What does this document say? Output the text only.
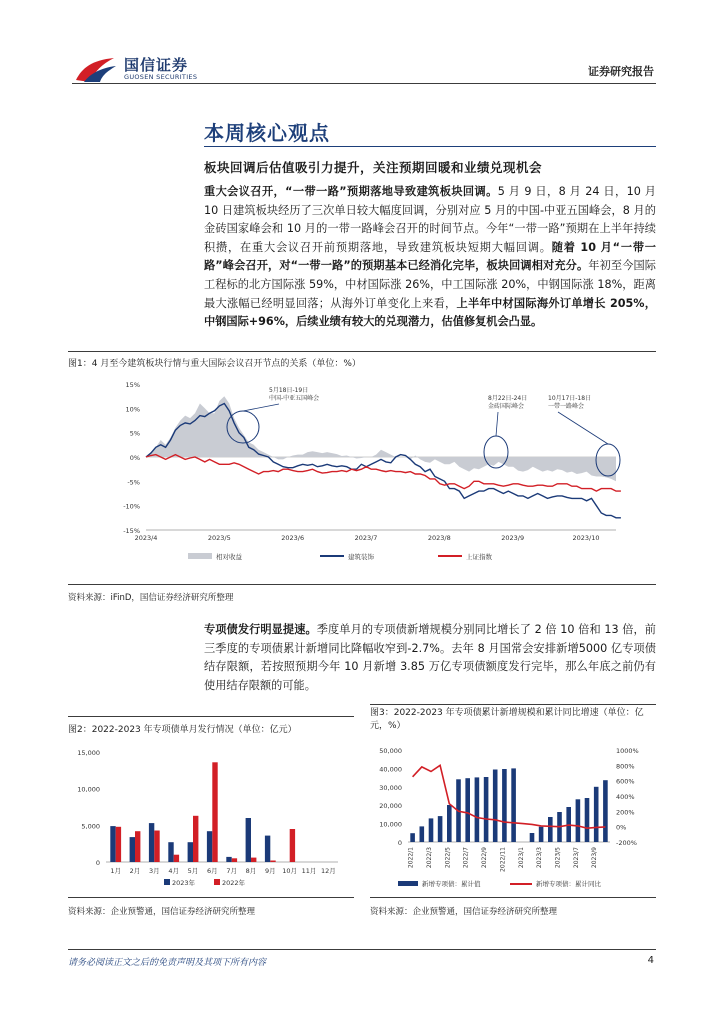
国信证券
GUOSEN SECURITIES	证券研究报告
本周核心观点
板块回调后估值吸引力提升，关注预期回暖和业绩兑现机会
重大会议召开，“一带一路”预期落地导致建筑板块回调。5 月 9 日，8 月 24 日，10 月 10 日建筑板块经历了三次单日较大幅度回调，分别对应 5 月的中国-中亚五国峰会，8 月的金砖国家峰会和 10 月的一带一路峰会召开的时间节点。今年“一带一路”预期在上半年持续积攒，在重大会议召开前预期落地，导致建筑板块短期大幅回调。随着 10 月“一带一路”峰会召开，对“一带一路”的预期基本已经消化完毕，板块回调相对充分。年初至今国际工程标的北方国际涨 59%，中材国际涨 26%，中工国际涨 20%，中钢国际涨 18%，距离最大涨幅已经明显回落；从海外订单变化上来看，上半年中材国际海外订单增长 205%，中钢国际+96%，后续业绩有较大的兑现潜力，估值修复机会凸显。
图1：4 月至今建筑板块行情与重大国际会议召开节点的关系（单位：%）
15%
10%
5%
0%
-5%
-10%
-15%
2023/4	2023/5	2023/6	2023/7	2023/8	2023/9	2023/10
5月18日-19日
中国-中亚五国峰会	8月22日-24日
金砖国际峰会
10月17日-18日
一带一路峰会
相对收益	建筑装饰	上证指数
资料来源：iFinD，国信证券经济研究所整理
专项债发行明显提速。季度单月的专项债新增规模分别同比增长了 2 倍 10 倍和 13 倍，前三季度的专项债累计新增同比降幅收窄到-2.7%。去年 8 月国常会安排新增5000 亿专项债结存限额，若按照预期今年 10 月新增 3.85 万亿专项债额度发行完毕，那么年底之前仍有使用结存限额的可能。
图2：2022-2023 年专项债单月发行情况（单位：亿元）
15,000
10,000
5,000
0
1月 2月 3月 4月 5月 6月 7月 8月 9月 10月 11月 12月
2023年	2022年
资料来源：企业预警通，国信证券经济研究所整理
图3：2022-2023 年专项债累计新增规模和累计同比增速（单位：亿元，%）
50,000
40,000
30,000
20,000
10,000
0
1000%
800%
600%
400%
200%
0%
-200%
2022/1 2022/3 2022/5 2022/7 2022/9 2022/11 2023/1 2023/3 2023/5 2023/7 2023/9
新增专项债：累计值	新增专项债：累计同比
资料来源：企业预警通，国信证券经济研究所整理
请务必阅读正文之后的免责声明及其项下所有内容	4
